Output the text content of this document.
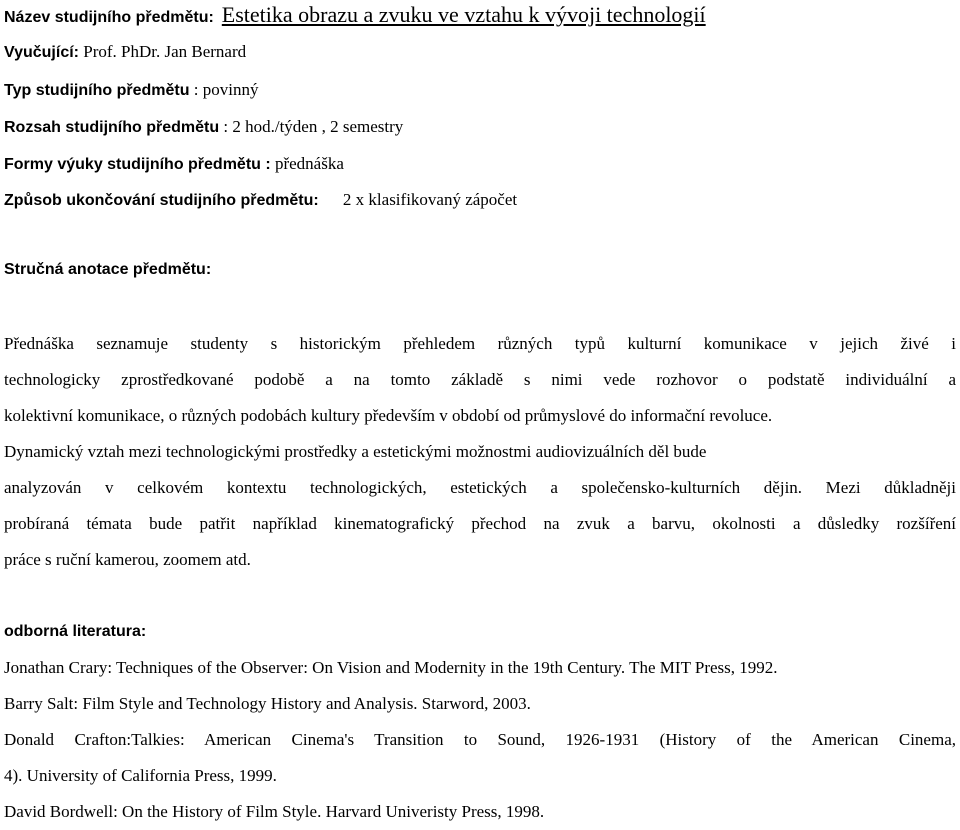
Název studijního předmětu: Estetika obrazu a zvuku ve vztahu k vývoji technologií
Vyučující: Prof. PhDr. Jan Bernard
Typ studijního předmětu : povinný
Rozsah studijního předmětu : 2 hod./týden , 2 semestry
Formy výuky studijního předmětu : přednáška
Způsob ukončování studijního předmětu: 2 x klasifikovaný zápočet
Stručná anotace předmětu:
Přednáška seznamuje studenty s historickým přehledem různých typů kulturní komunikace v jejich živé i
technologicky zprostředkované podobě a na tomto základě s nimi vede rozhovor o podstatě individuální a
kolektivní komunikace, o různých podobách kultury především v období od průmyslové do informační revoluce.
Dynamický vztah mezi technologickými prostředky a estetickými možnostmi audiovizuálních děl bude
analyzován v celkovém kontextu technologických, estetických a společensko-kulturních dějin. Mezi důkladněji
probíraná témata bude patřit například kinematografický přechod na zvuk a barvu, okolnosti a důsledky rozšíření
práce s ruční kamerou, zoomem atd.
odborná literatura:
Jonathan Crary: Techniques of the Observer: On Vision and Modernity in the 19th Century. The MIT Press, 1992.
Barry Salt: Film Style and Technology History and Analysis. Starword, 2003.
Donald Crafton:Talkies: American Cinema's Transition to Sound, 1926-1931 (History of the American Cinema,
4). University of California Press, 1999.
David Bordwell: On the History of Film Style. Harvard Univeristy Press, 1998.
